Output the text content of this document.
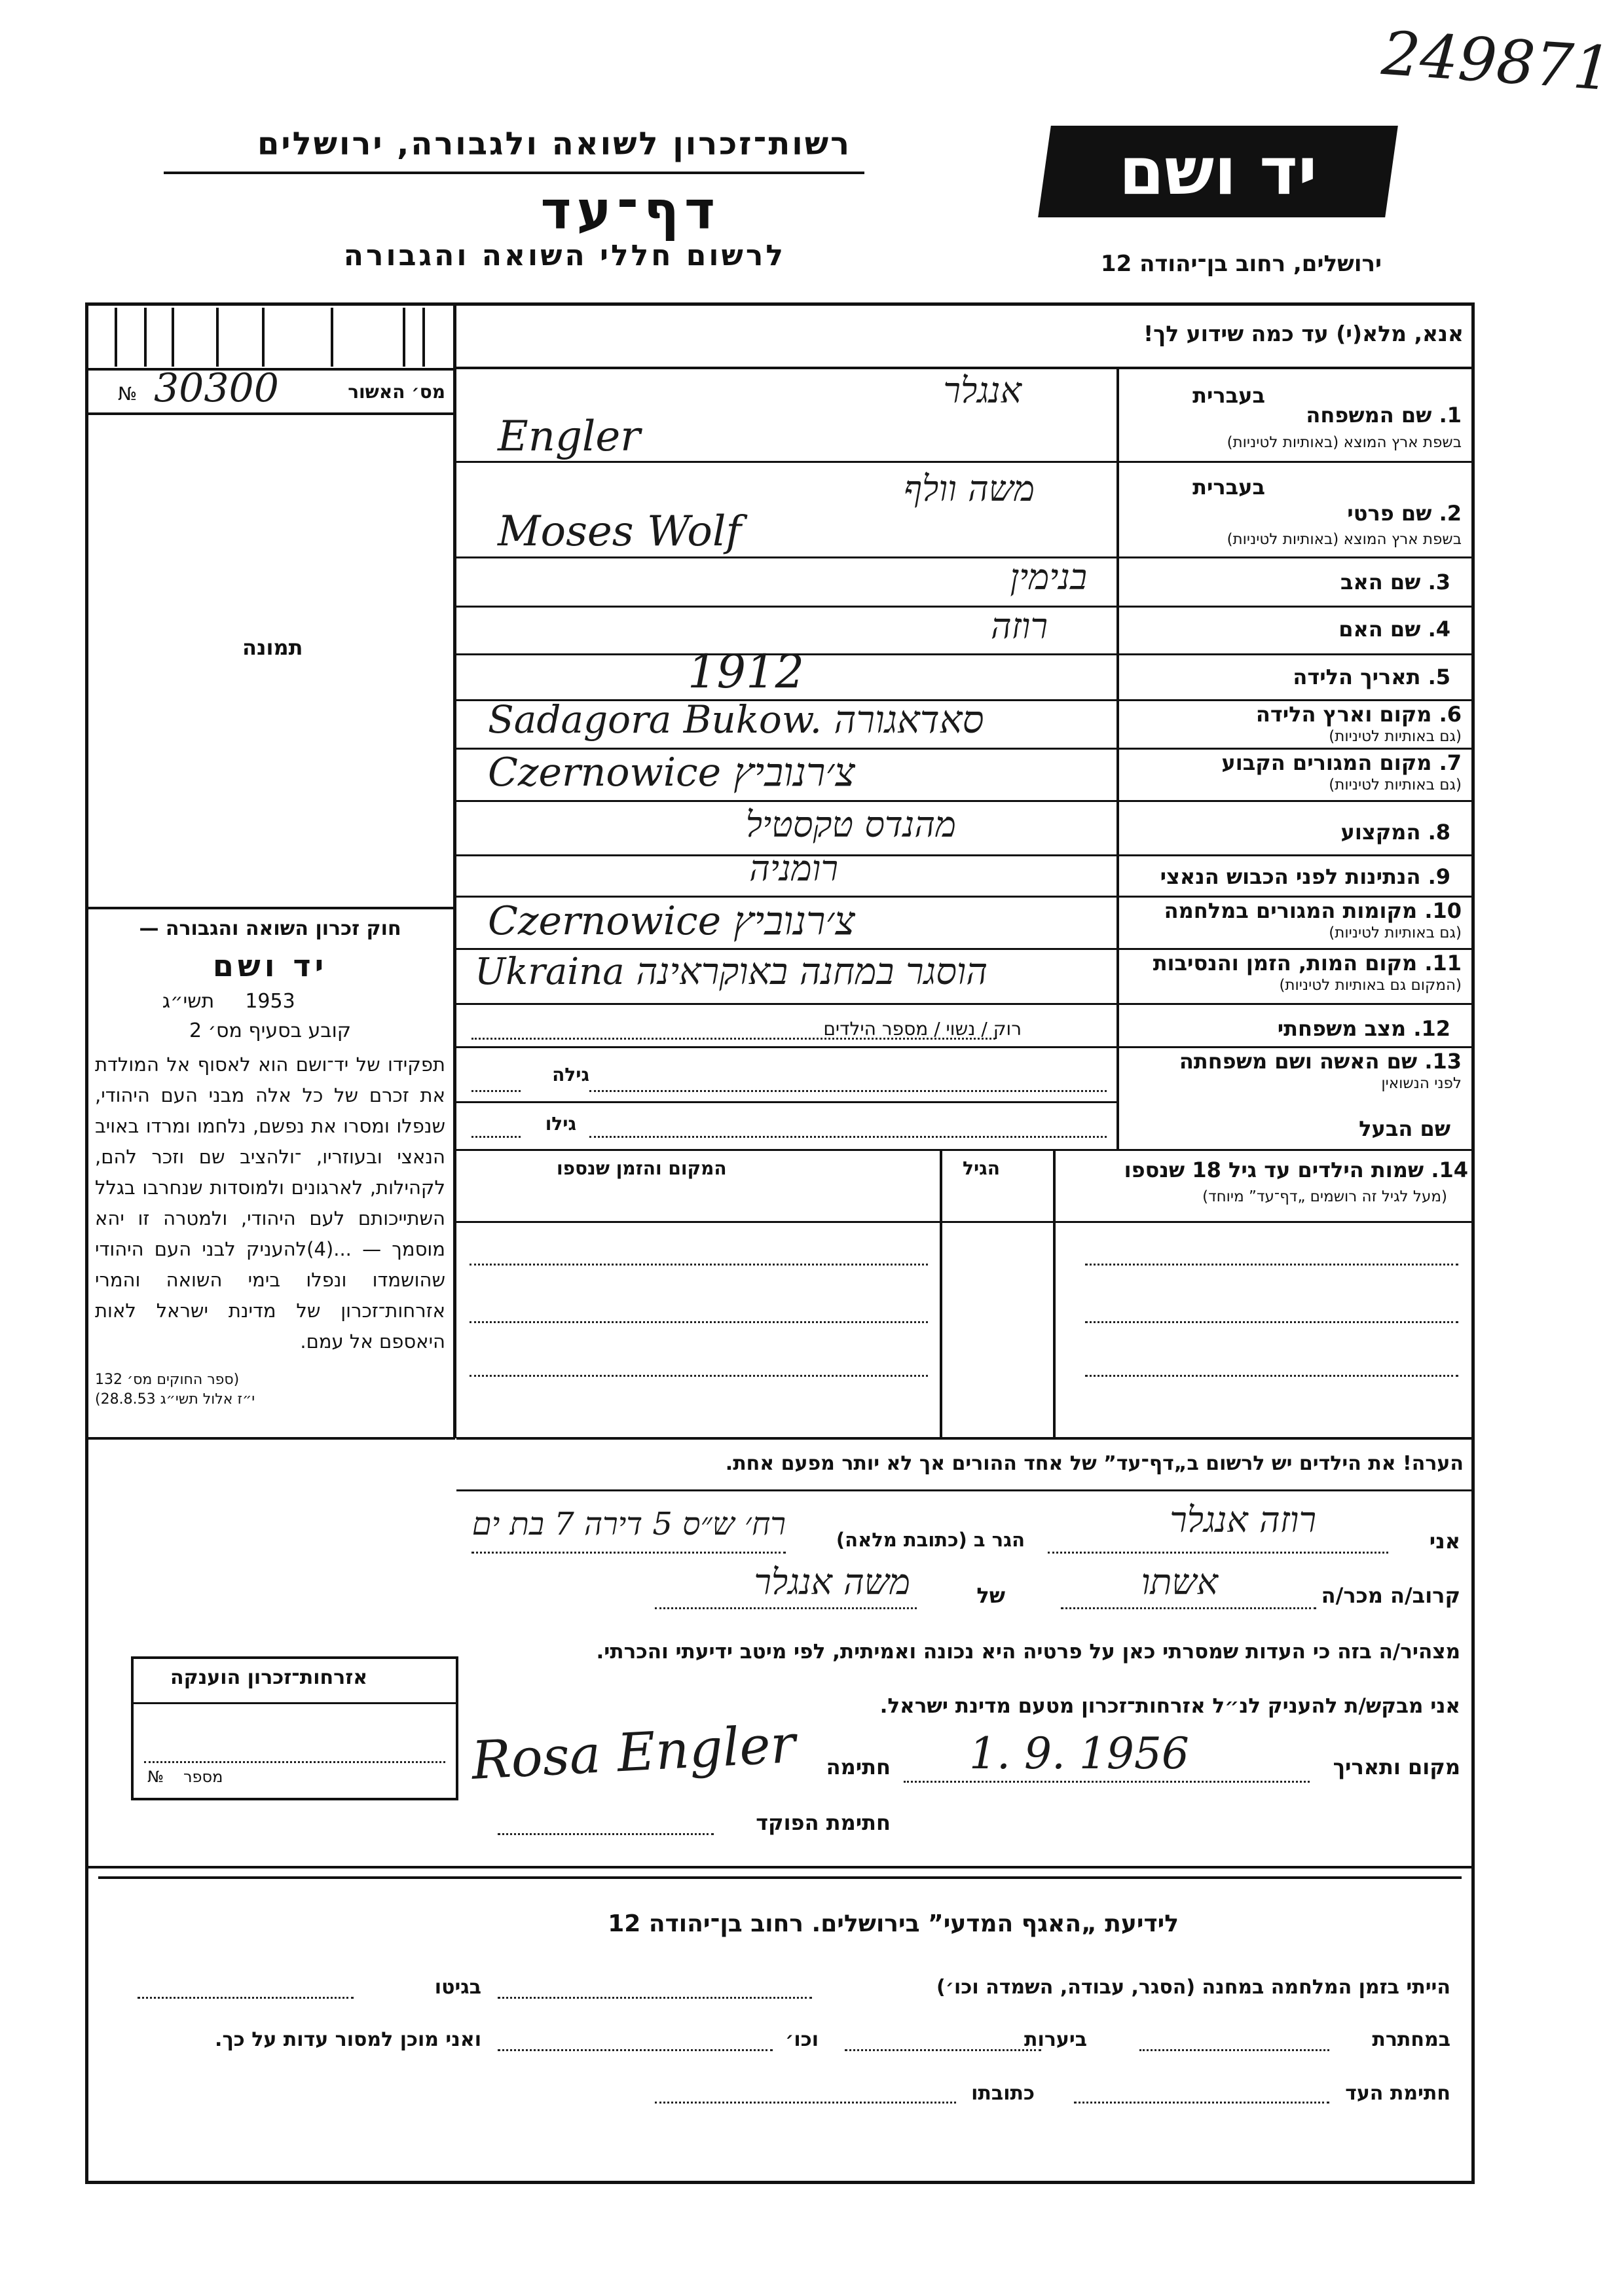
249871
רשות־זכרון לשואה ולגבורה, ירושלים
דף־עד
לרשום חללי השואה והגבורה
יד ושם
ירושלים, רחוב בן־יהודה 12
№ 30300	מס׳ האשור
תמונה
חוק זכרון השואה והגבורה —
יד ושם
1953
תשי״ג
קובע בסעיף מס׳ 2
תפקידו של יד־ושם הוא לאסוף אל המולדת את זכרם של כל אלה מבני העם היהודי, שנפלו ומסרו את נפשם, נלחמו ומרדו באויב הנאצי ובעוזריו, ־ולהציב שם וזכר להם, לקהילות, לארגונים ולמוסדות שנחרבו בגלל השתייכותם לעם היהודי, ולמטרה זו יהא מוסמך — ...(4)להעניק לבני העם היהודי שהושמדו ונפלו בימי השואה והמרי אזרחות־זכרון של מדינת ישראל לאות היאספם אל עמם.
(ספר החוקים מס׳ 132
י״ז אלול תשי״ג 28.8.53)
אנא, מלא(י) עד כמה שידוע לך!
בעברית
1. שם המשפחה
בשפת ארץ המוצא (באותיות לטיניות)
אנגלר
Engler
בעברית
2. שם פרטי
בשפת ארץ המוצא (באותיות לטיניות)
משה וולף
Moses Wolf
3. שם האב
בנימין
4. שם האם
רוזה
5. תאריך הלידה
1912
6. מקום וארץ הלידה
(גם באותיות לטיניות)
Sadagora Bukow. סאדאגורה
7. מקום המגורים הקבוע
(גם באותיות לטיניות)
Czernowice צ׳רנוביץ
8. המקצוע
מהנדס טקסטיל
9. הנתינות לפני הכבוש הנאצי
רומניה
10. מקומות המגורים במלחמה
(גם באותיות לטיניות)
Czernowice צ׳רנוביץ
11. מקום המות, הזמן והנסיבות
(המקום גם באותיות לטיניות)
Ukraina הוסגר במחנה באוקראינה
12. מצב משפחתי
רוק / נשוי / מספר הילדים
13. שם האשה ושם משפחתה
לפני הנשואין
גילה
שם הבעל
גילו
14. שמות הילדים עד גיל 18 שנספו
(מעל לגיל זה רושמים „דף־עד” מיוחד)
הגיל
המקום והזמן שנספו
הערה! את הילדים יש לרשום ב„דף־עד” של אחד ההורים אך לא יותר מפעם אחת.
אני
רוזה אנגלר
הגר ב (כתובת מלאה)
רח׳ ש״ס 5 דירה 7 בת ים
קרוב/ה מכר/ה
אשתו
של
משה אנגלר
מצהיר/ה בזה כי העדות שמסרתי כאן על פרטיה היא נכונה ואמיתית, לפי מיטב ידיעתי והכרתי.
אזרחות־זכרון הוענקה
№ מספר
אני מבקש/ת להעניק לנ״ל אזרחות־זכרון מטעם מדינת ישראל.
מקום ותאריך
1. 9. 1956
חתימה
Rosa Engler
חתימת הפוקד
לידיעת „האגף המדעי” בירושלים. רחוב בן־יהודה 12
הייתי בזמן המלחמה במחנה (הסגר, עבודה, השמדה וכו׳)
בגיטו
במחתרת
ביערות
וכו׳
ואני מוכן למסור עדות על כך.
חתימת העד
כתובתו
